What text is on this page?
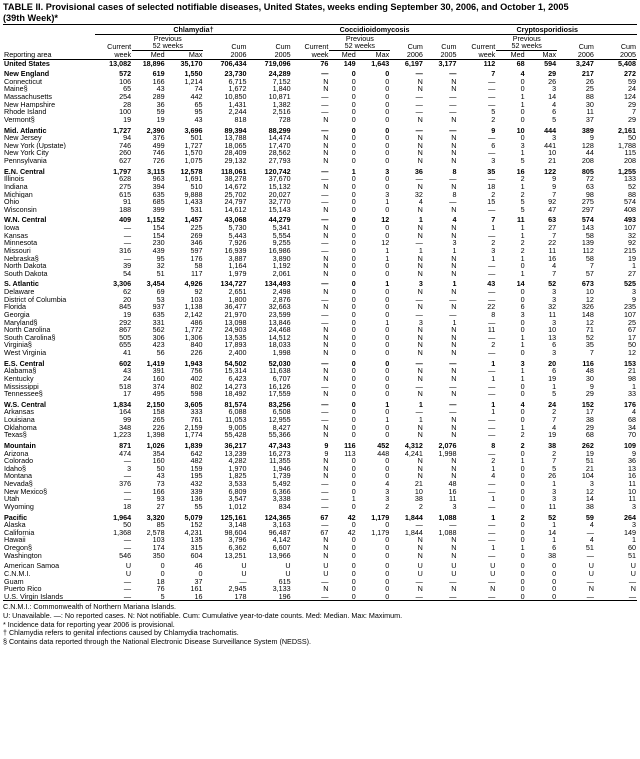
TABLE II. Provisional cases of selected notifiable diseases, United States, weeks ending September 30, 2006, and October 1, 2005
(39th Week)*
	Chlamydia†					Coccidioidomycosis					Cryptosporidiosis				
		Previous					Previous					Previous			
	Current	52 weeks		Cum	Cum	Current	52 weeks		Cum	Cum	Current	52 weeks		Cum	Cum
Reporting area	week	Med	Max	2006	2005	week	Med	Max	2006	2005	week	Med	Max	2006	2005
United States	13,082	18,896	35,170	706,434	719,096	76	149	1,643	6,197	3,177	112	68	594	3,247	5,408

New England	572	619	1,550	23,730	24,289	—	0	0	—	—	7	4	29	217	272
Connecticut	106	166	1,214	6,715	7,152	N	0	0	N	N	—	0	26	26	59
Maine§	65	43	74	1,672	1,840	N	0	0	N	N	—	0	3	25	24
Massachusetts	254	289	442	10,850	10,871	—	0	0	—	—	—	1	14	88	124
New Hampshire	28	36	65	1,431	1,382	—	0	0	—	—	—	1	4	30	29
Rhode Island	100	59	95	2,244	2,516	—	0	0	—	—	5	0	6	11	7
Vermont§	19	19	43	818	728	N	0	0	N	N	2	0	5	37	29

Mid. Atlantic	1,727	2,390	3,696	89,394	88,299	—	0	0	—	—	9	10	444	389	2,161
New Jersey	94	376	501	13,788	14,474	N	0	0	N	N	—	0	3	9	50
New York (Upstate)	746	499	1,727	18,065	17,470	N	0	0	N	N	6	3	441	128	1,788
New York City	260	746	1,570	28,409	28,562	N	0	0	N	N	—	1	10	44	115
Pennsylvania	627	726	1,075	29,132	27,793	N	0	0	N	N	3	5	21	208	208

E.N. Central	1,797	3,115	12,578	118,061	120,742	—	1	3	36	8	35	16	122	805	1,255
Illinois	628	963	1,691	38,278	37,670	—	0	0	—	—	—	2	9	72	133
Indiana	275	394	510	14,672	15,132	N	0	0	N	N	18	1	9	63	52
Michigan	615	635	9,888	25,702	20,027	—	0	3	32	8	2	2	7	98	88
Ohio	91	685	1,433	24,797	32,770	—	0	1	4	—	15	5	92	275	574
Wisconsin	188	399	531	14,612	15,143	N	0	0	N	N	—	5	47	297	408

W.N. Central	409	1,152	1,457	43,068	44,279	—	0	12	1	4	7	11	63	574	493
Iowa	—	154	225	5,730	5,341	N	0	0	N	N	1	1	27	143	107
Kansas	—	154	269	5,443	5,554	N	0	0	N	N	—	1	7	58	32
Minnesota	—	230	346	7,926	9,255	—	0	12	—	3	2	2	22	139	92
Missouri	316	439	597	16,939	16,986	—	0	1	1	1	3	2	11	112	215
Nebraska§	—	95	176	3,887	3,890	N	0	1	N	N	1	1	16	58	19
North Dakota	39	32	58	1,164	1,192	N	0	0	N	N	—	0	4	7	1
South Dakota	54	51	117	1,979	2,061	N	0	0	N	N	—	1	7	57	27

S. Atlantic	3,306	3,454	4,926	134,727	134,493	—	0	1	3	1	43	14	52	673	525
Delaware	62	69	92	2,651	2,498	N	0	0	N	N	—	0	3	10	3
District of Columbia	20	53	103	1,800	2,876	—	0	0	—	—	—	0	3	12	9
Florida	845	937	1,138	36,477	32,663	N	0	0	N	N	22	6	32	326	235
Georgia	19	635	2,142	21,970	23,599	—	0	0	—	—	8	3	11	148	107
Maryland§	292	331	486	13,098	13,846	—	0	1	3	1	—	0	3	12	25
North Carolina	867	562	1,772	24,903	24,468	N	0	0	N	N	11	0	10	71	67
South Carolina§	505	306	1,306	13,535	14,512	N	0	0	N	N	—	1	13	52	17
Virginia§	655	423	840	17,893	18,033	N	0	0	N	N	2	1	6	35	50
West Virginia	41	56	226	2,400	1,998	N	0	0	N	N	—	0	3	7	12

E.S. Central	602	1,419	1,943	54,502	52,030	—	0	0	—	—	1	3	20	116	153
Alabama§	43	391	756	15,314	11,638	N	0	0	N	N	—	1	6	48	21
Kentucky	24	160	402	6,423	6,707	N	0	0	N	N	1	1	19	30	98
Mississippi	518	374	802	14,273	16,126	—	0	0	—	—	—	0	1	9	1
Tennessee§	17	495	598	18,492	17,559	N	0	0	N	N	—	0	5	29	33

W.S. Central	1,834	2,150	3,605	81,574	83,256	—	0	1	1	—	1	4	24	152	176
Arkansas	164	158	333	6,088	6,508	—	0	0	—	—	1	0	2	17	4
Louisiana	99	265	761	11,053	12,955	—	0	1	1	N	—	0	7	38	68
Oklahoma	348	226	2,159	9,005	8,427	N	0	0	N	N	—	1	4	29	34
Texas§	1,223	1,398	1,774	55,428	55,366	N	0	0	N	N	—	2	19	68	70

Mountain	871	1,026	1,839	36,217	47,343	9	116	452	4,312	2,076	8	2	38	262	109
Arizona	474	354	642	13,239	16,273	9	113	448	4,241	1,998	—	0	2	19	9
Colorado	—	160	482	4,282	11,355	N	0	0	N	N	2	1	7	51	36
Idaho§	3	50	159	1,970	1,946	N	0	0	N	N	1	0	5	21	13
Montana	—	43	195	1,825	1,739	N	0	0	N	N	4	0	26	104	16
Nevada§	376	73	432	3,533	5,492	—	0	4	21	48	—	0	1	3	11
New Mexico§	—	166	339	6,809	6,366	—	0	3	10	16	—	0	3	12	10
Utah	—	93	136	3,547	3,338	—	1	3	38	11	1	0	3	14	11
Wyoming	18	27	55	1,012	834	—	0	2	2	3	—	0	11	38	3

Pacific	1,964	3,320	5,079	125,161	124,365	67	42	1,179	1,844	1,088	1	2	52	59	264
Alaska	50	85	152	3,148	3,163	—	0	0	—	—	—	0	1	4	3
California	1,368	2,578	4,231	98,604	96,487	67	42	1,179	1,844	1,088	—	0	14	—	149
Hawaii	—	103	135	3,796	4,142	N	0	0	N	N	—	0	1	4	1
Oregon§	—	174	315	6,362	6,607	N	0	0	N	N	1	1	6	51	60
Washington	546	350	604	13,251	13,966	N	0	0	N	N	—	0	38	—	51

American Samoa	U	0	46	U	U	U	0	0	U	U	U	0	0	U	U
C.N.M.I.	U	0	0	U	U	U	0	0	U	U	U	0	0	U	U
Guam	—	18	37	—	615	—	0	0	—	—	—	0	0	—	—
Puerto Rico	—	76	161	2,945	3,133	N	0	0	N	N	N	0	0	N	N
U.S. Virgin Islands	—	5	16	178	196	—	0	0	—	—	—	0	0	—	—
C.N.M.I.: Commonwealth of Northern Mariana Islands.
U: Unavailable. —: No reported cases. N: Not notifiable. Cum: Cumulative year-to-date counts. Med: Median. Max: Maximum.
* Incidence data for reporting year 2006 is provisional.
† Chlamydia refers to genital infections caused by Chlamydia trachomatis.
§ Contains data reported through the National Electronic Disease Surveillance System (NEDSS).
